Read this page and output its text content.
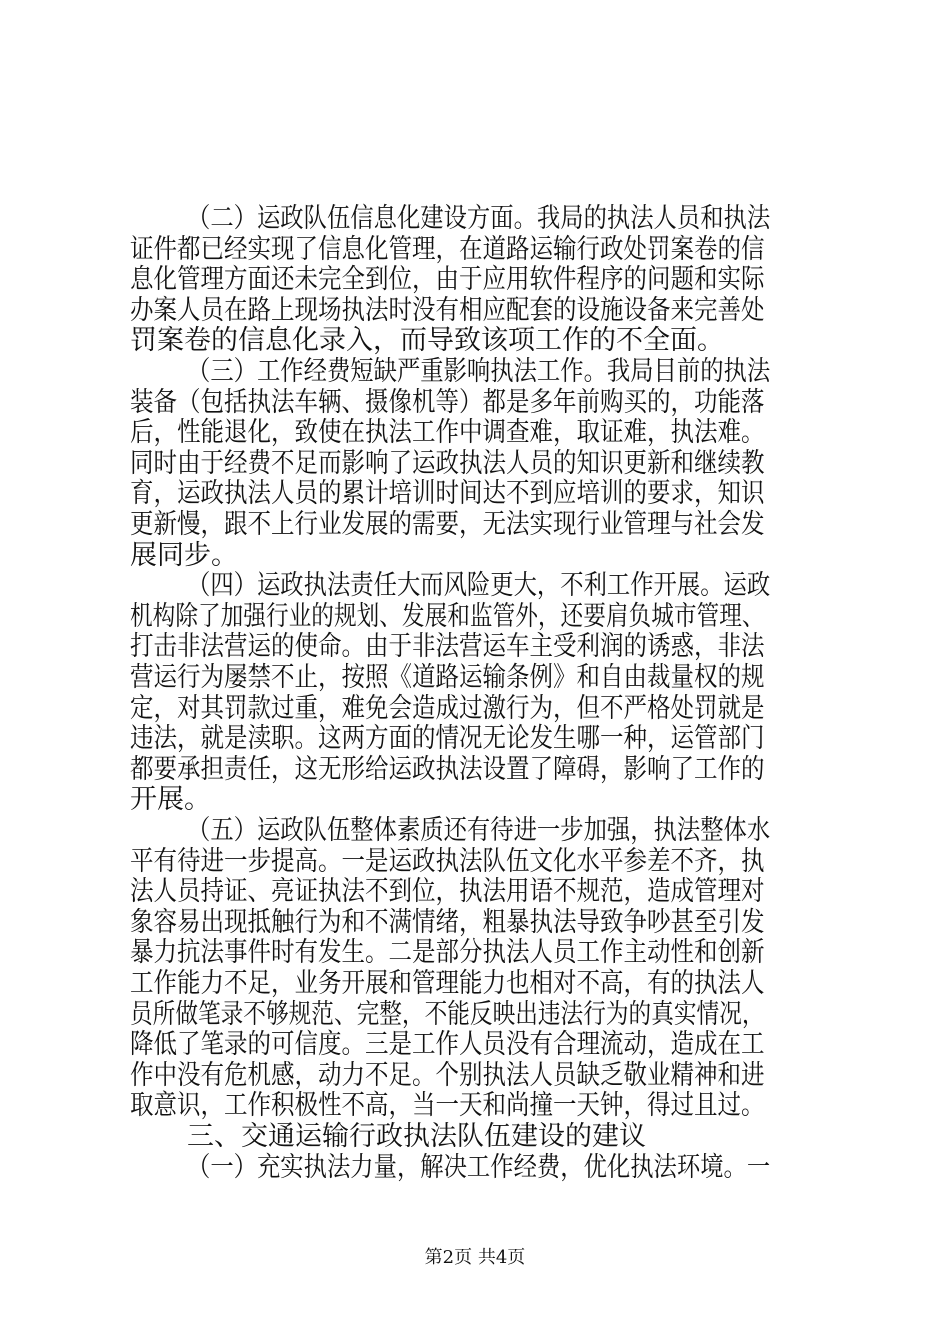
（二）运政队伍信息化建设方面。我局的执法人员和执法
证件都已经实现了信息化管理，在道路运输行政处罚案卷的信
息化管理方面还未完全到位，由于应用软件程序的问题和实际
办案人员在路上现场执法时没有相应配套的设施设备来完善处
罚案卷的信息化录入，而导致该项工作的不全面。
（三）工作经费短缺严重影响执法工作。我局目前的执法
装备（包括执法车辆、摄像机等）都是多年前购买的，功能落
后，性能退化，致使在执法工作中调查难，取证难，执法难。
同时由于经费不足而影响了运政执法人员的知识更新和继续教
育，运政执法人员的累计培训时间达不到应培训的要求，知识
更新慢，跟不上行业发展的需要，无法实现行业管理与社会发
展同步。
（四）运政执法责任大而风险更大，不利工作开展。运政
机构除了加强行业的规划、发展和监管外，还要肩负城市管理、
打击非法营运的使命。由于非法营运车主受利润的诱惑，非法
营运行为屡禁不止，按照《道路运输条例》和自由裁量权的规
定，对其罚款过重，难免会造成过激行为，但不严格处罚就是
违法，就是渎职。这两方面的情况无论发生哪一种，运管部门
都要承担责任，这无形给运政执法设置了障碍，影响了工作的
开展。
（五）运政队伍整体素质还有待进一步加强，执法整体水
平有待进一步提高。一是运政执法队伍文化水平参差不齐，执
法人员持证、亮证执法不到位，执法用语不规范，造成管理对
象容易出现抵触行为和不满情绪，粗暴执法导致争吵甚至引发
暴力抗法事件时有发生。二是部分执法人员工作主动性和创新
工作能力不足，业务开展和管理能力也相对不高，有的执法人
员所做笔录不够规范、完整，不能反映出违法行为的真实情况，
降低了笔录的可信度。三是工作人员没有合理流动，造成在工
作中没有危机感，动力不足。个别执法人员缺乏敬业精神和进
取意识，工作积极性不高，当一天和尚撞一天钟，得过且过。
三、交通运输行政执法队伍建设的建议
（一）充实执法力量，解决工作经费，优化执法环境。一
第2页 共4页
